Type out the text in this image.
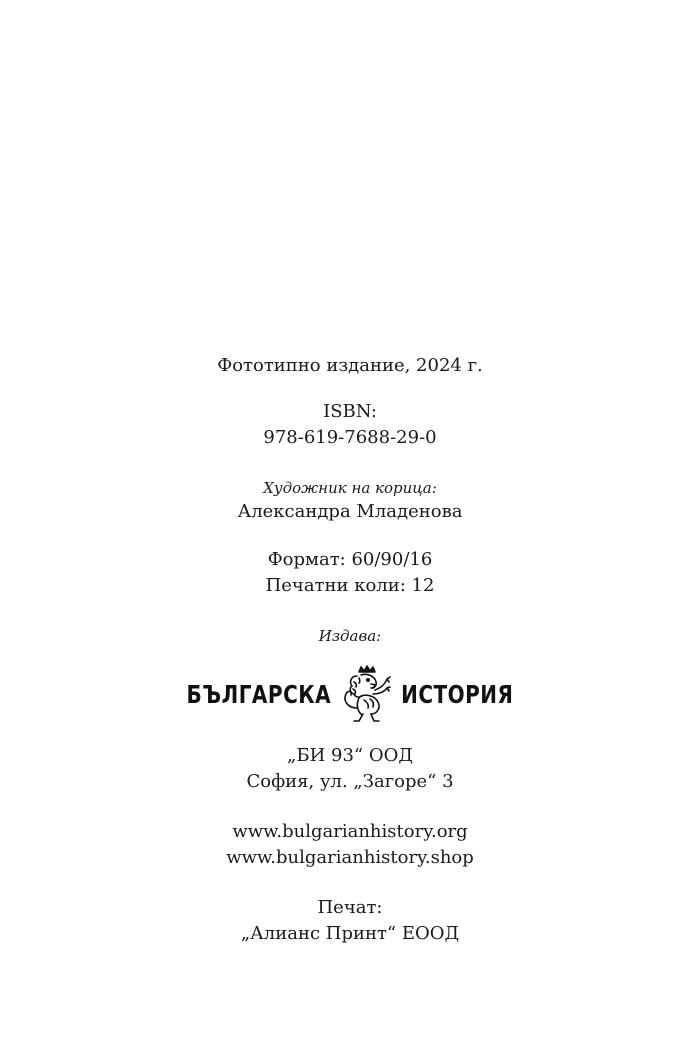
Фототипно издание, 2024 г.
ISBN:
978-619-7688-29-0
Художник на корица:
Александра Младенова
Формат: 60/90/16
Печатни коли: 12
Издава:
БЪЛГАРСКА	ИСТОРИЯ
„БИ 93“ ООД
София, ул. „Загоре“ 3
www.bulgarianhistory.org
www.bulgarianhistory.shop
Печат:
„Алианс Принт“ ЕООД
